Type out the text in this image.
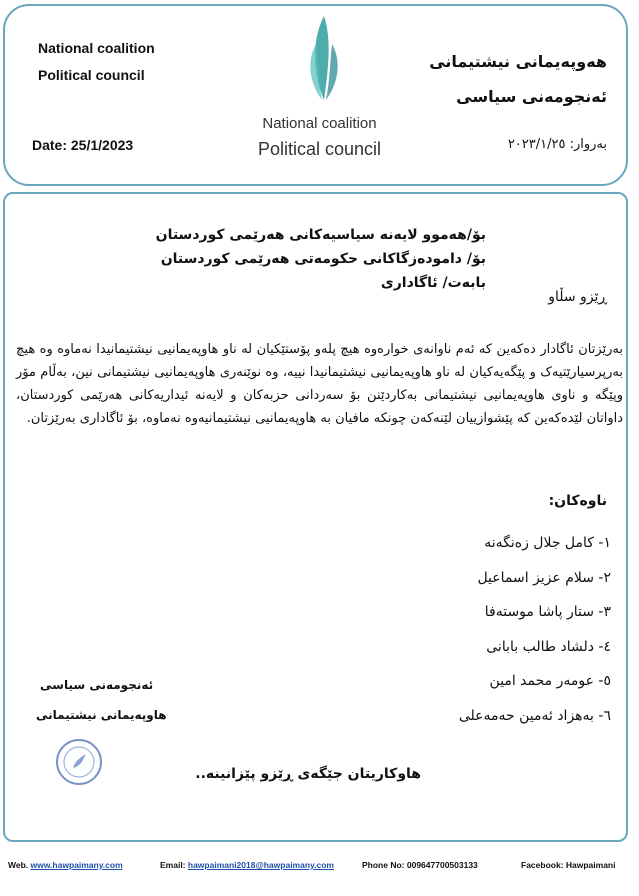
National coalition
Political council
هەوپەیمانی نیشتیمانی
ئەنجومەنی سیاسی
National coalition
Political council
Date: 25/1/2023	بەروار: ٢٠٢٣/١/٢٥
بۆ/هەموو لایەنە سیاسیەکانی هەرێمی کوردستان
بۆ/ دامودەزگاکانی حکومەتی هەرێمی کوردستان
بابەت/ ئاگاداری
ڕێزو سڵاو
بەرێزتان ئاگادار دەکەین کە ئەم ناوانەی خوارەوە هیچ پلەو پۆستێکیان لە ناو هاوپەیمانیی نیشتیمانیدا نەماوە وە هیچ بەرپرسیارێتیەک و پێگەیەکیان لە ناو هاوپەیمانیی نیشتیمانیدا نییە، وە نوێنەری هاوپەیمانیی نیشتیمانی نین، بەڵام مۆر وپێگە و ناوی هاوپەیمانیی نیشتیمانی بەکاردێنن بۆ سەردانی حزبەکان و لایەنە ئیداریەکانی هەرێمی کوردستان، داواتان لێدەکەین کە پێشوازییان لێنەکەن چونکە مافیان بە هاوپەیمانیی نیشتیمانیەوە نەماوە، بۆ ئاگاداری بەرێزتان.
ناوەکان:
١- کامل جلال زەنگەنە
٢- سلام عزیز اسماعیل
٣- ستار پاشا موستەفا
٤- دلشاد طالب بابانی
٥- عومەر محمد امین
٦- بەهزاد ئەمین حەمەعلی
ئەنجومەنی سیاسی
هاوپەیمانی نیشتیمانی
هاوکاریتان جێگەی ڕێزو پێزانینە..
Web. www.hawpaimany.com	Email: hawpaimani2018@hawpaimany.com	Phone No: 009647700503133	Facebook: Hawpaimani
